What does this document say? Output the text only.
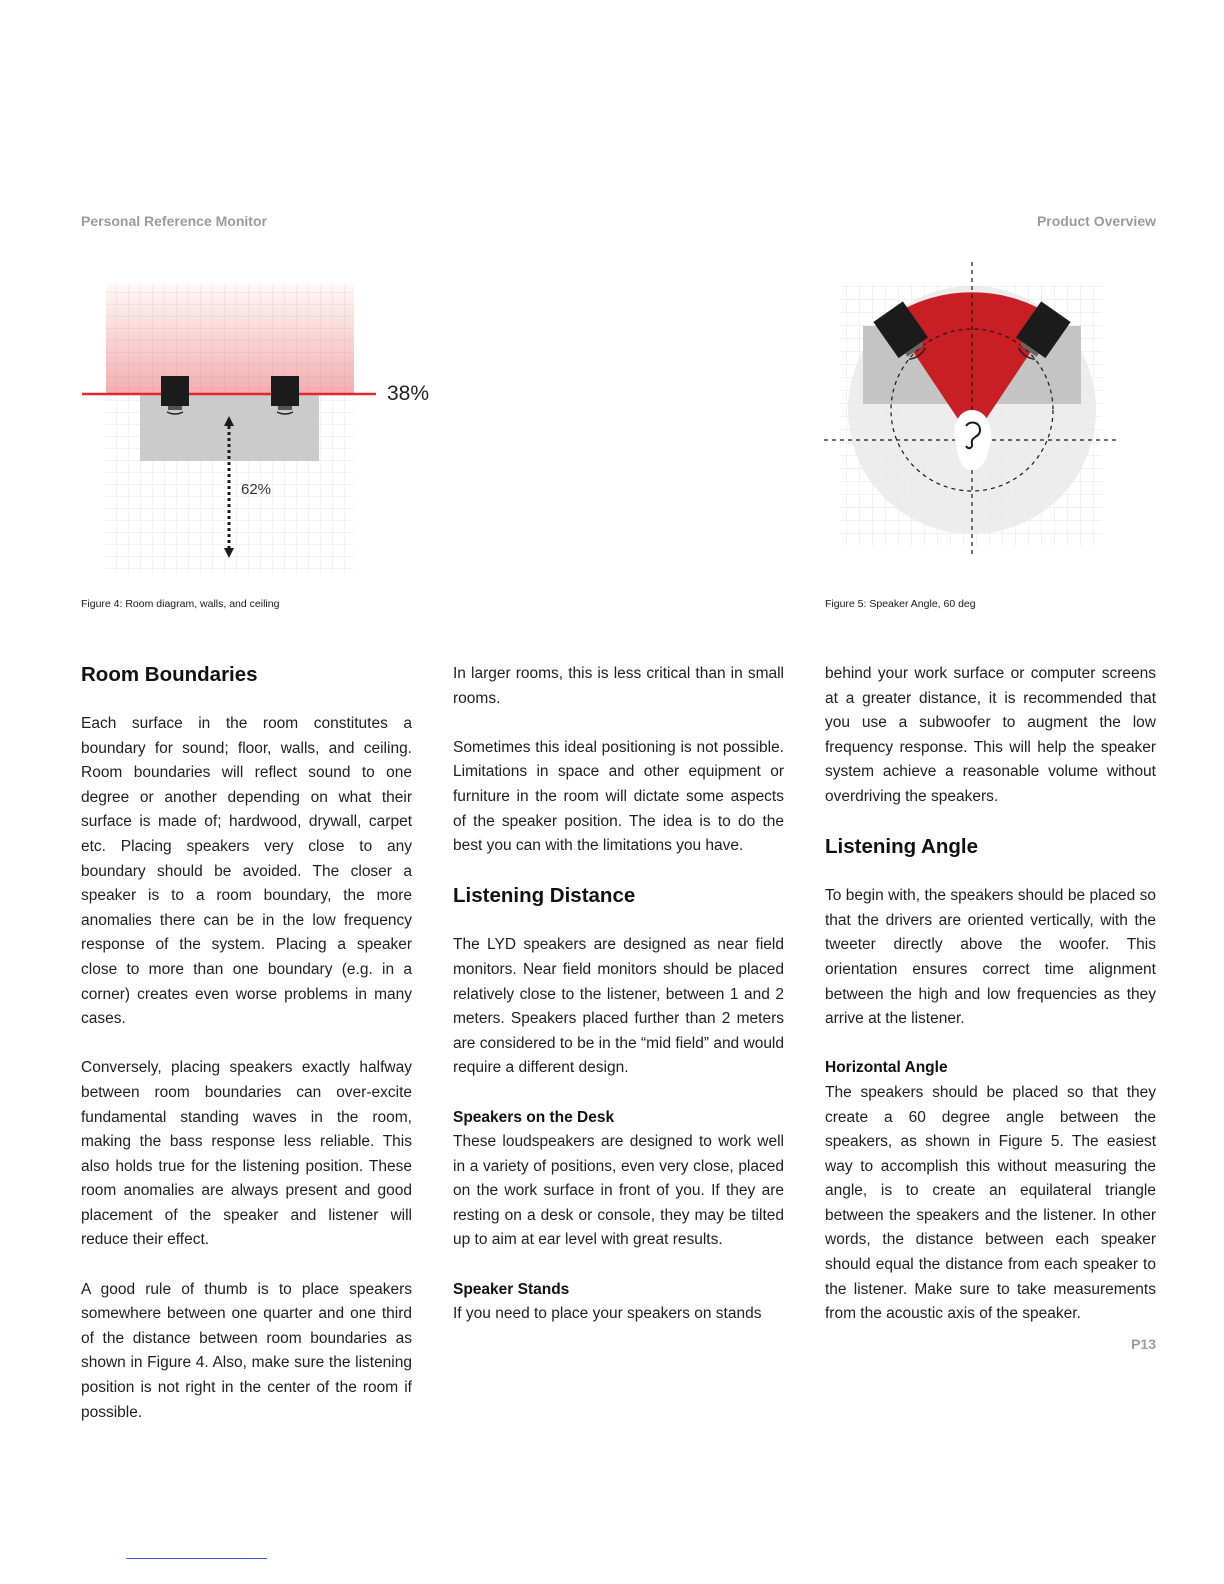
Personal Reference Monitor	Product Overview
38%
62%
Figure 4: Room diagram, walls, and ceiling	Figure 5: Speaker Angle, 60 deg
Room Boundaries

Each surface in the room constitutes a boundary for sound; floor, walls, and ceiling. Room boundaries will reflect sound to one degree or another depending on what their surface is made of; hardwood, drywall, carpet etc. Placing speakers very close to any boundary should be avoided. The closer a speaker is to a room boundary, the more anomalies there can be in the low frequency response of the system. Placing a speaker close to more than one boundary (e.g. in a corner) creates even worse problems in many cases.

Conversely, placing speakers exactly halfway between room boundaries can over-excite fundamental standing waves in the room, making the bass response less reliable. This also holds true for the listening position. These room anomalies are always present and good placement of the speaker and listener will reduce their effect.

A good rule of thumb is to place speakers somewhere between one quarter and one third of the distance between room boundaries as shown in Figure 4. Also, make sure the listening position is not right in the center of the room if possible.

In larger rooms, this is less critical than in small rooms.

Sometimes this ideal positioning is not possible. Limitations in space and other equipment or furniture in the room will dictate some aspects of the speaker position. The idea is to do the best you can with the limitations you have.

Listening Distance

The LYD speakers are designed as near field monitors. Near field monitors should be placed relatively close to the listener, between 1 and 2 meters. Speakers placed further than 2 meters are considered to be in the “mid field” and would require a different design.

Speakers on the Desk

These loudspeakers are designed to work well in a variety of positions, even very close, placed on the work surface in front of you. If they are resting on a desk or console, they may be tilted up to aim at ear level with great results.

Speaker Stands

If you need to place your speakers on stands

behind your work surface or computer screens at a greater distance, it is recommended that you use a subwoofer to augment the low frequency response. This will help the speaker system achieve a reasonable volume without overdriving the speakers.

Listening Angle

To begin with, the speakers should be placed so that the drivers are oriented vertically, with the tweeter directly above the woofer. This orientation ensures correct time alignment between the high and low frequencies as they arrive at the listener.

Horizontal Angle

The speakers should be placed so that they create a 60 degree angle between the speakers, as shown in Figure 5. The easiest way to accomplish this without measuring the angle, is to create an equilateral triangle between the speakers and the listener. In other words, the distance between each speaker should equal the distance from each speaker to the listener. Make sure to take measurements from the acoustic axis of the speaker.

P13
